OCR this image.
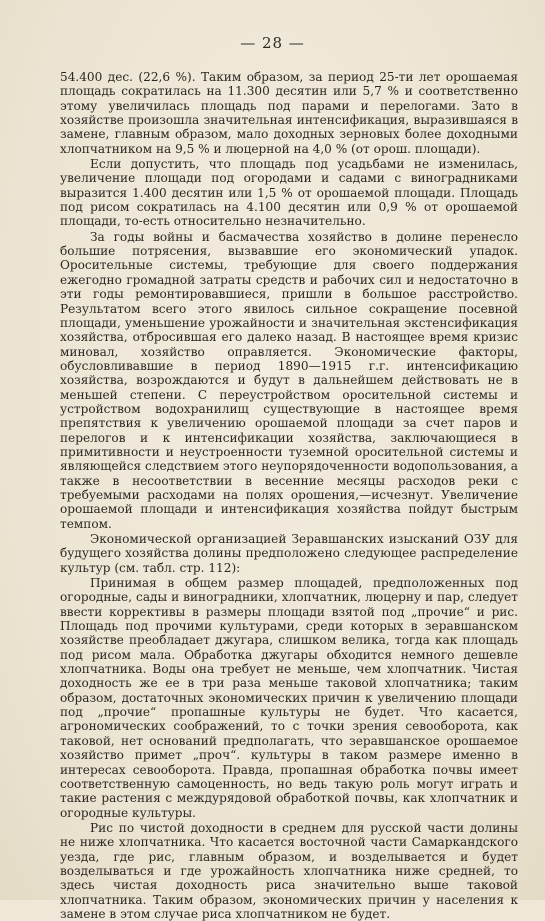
— 28 —

54.400 дес. (22,6 %). Таким образом, за период 25-ти лет орошаемая площадь сократилась на 11.300 десятин или 5,7 % и соответственно этому увеличилась площадь под парами и перелогами. Зато в хозяйстве произошла значительная интенсификация, выразившаяся в замене, главным образом, мало доходных зерновых более доходными хлопчатником на 9,5 % и люцерной на 4,0 % (от орош. площади).

Если допустить, что площадь под усадьбами не изменилась, увеличение площади под огородами и садами с виноградниками выразится 1.400 десятин или 1,5 % от орошаемой площади. Площадь под рисом сократилась на 4.100 десятин или 0,9 % от орошаемой площади, то-есть относительно незначительно.

За годы войны и басмачества хозяйство в долине перенесло большие потрясения, вызвавшие его экономический упадок. Оросительные системы, требующие для своего поддержания ежегодно громадной затраты средств и рабочих сил и недостаточно в эти годы ремонтировавшиеся, пришли в большое расстройство. Результатом всего этого явилось сильное сокращение посевной площади, уменьшение урожайности и значительная экстенсификация хозяйства, отбросившая его далеко назад. В настоящее время кризис миновал, хозяйство оправляется. Экономические факторы, обусловливавшие в период 1890—1915 г.г. интенсификацию хозяйства, возрождаются и будут в дальнейшем действовать не в меньшей степени. С переустройством оросительной системы и устройством водохранилищ существующие в настоящее время препятствия к увеличению орошаемой площади за счет паров и перелогов и к интенсификации хозяйства, заключающиеся в примитивности и неустроенности туземной оросительной системы и являющейся следствием этого неупорядоченности водопользования, а также в несоответствии в весенние месяцы расходов реки с требуемыми расходами на полях орошения,—исчезнут. Увеличение орошаемой площади и интенсификация хозяйства пойдут быстрым темпом.

Экономической организацией Зеравшанских изысканий ОЗУ для будущего хозяйства долины предположено следующее распределение культур (см. табл. стр. 112):

Принимая в общем размер площадей, предположенных под огородные, сады и виноградники, хлопчатник, люцерну и пар, следует ввести коррективы в размеры площади взятой под „прочие“ и рис. Площадь под прочими культурами, среди которых в зеравшанском хозяйстве преобладает джугара, слишком велика, тогда как площадь под рисом мала. Обработка джугары обходится немного дешевле хлопчатника. Воды она требует не меньше, чем хлопчатник. Чистая доходность же ее в три раза меньше таковой хлопчатника; таким образом, достаточных экономических причин к увеличению площади под „прочие“ пропашные культуры не будет. Что касается, агрономических соображений, то с точки зрения севооборота, как таковой, нет оснований предполагать, что зеравшанское орошаемое хозяйство примет „проч“. культуры в таком размере именно в интересах севооборота. Правда, пропашная обработка почвы имеет соответственную самоценность, но ведь такую роль могут играть и такие растения с междурядовой обработкой почвы, как хлопчатник и огородные культуры.

Рис по чистой доходности в среднем для русской части долины не ниже хлопчатника. Что касается восточной части Самаркандского уезда, где рис, главным образом, и возделывается и будет возделываться и где урожайность хлопчатника ниже средней, то здесь чистая доходность риса значительно выше таковой хлопчатника. Таким образом, экономических причин у населения к замене в этом случае риса хлопчатником не будет.
